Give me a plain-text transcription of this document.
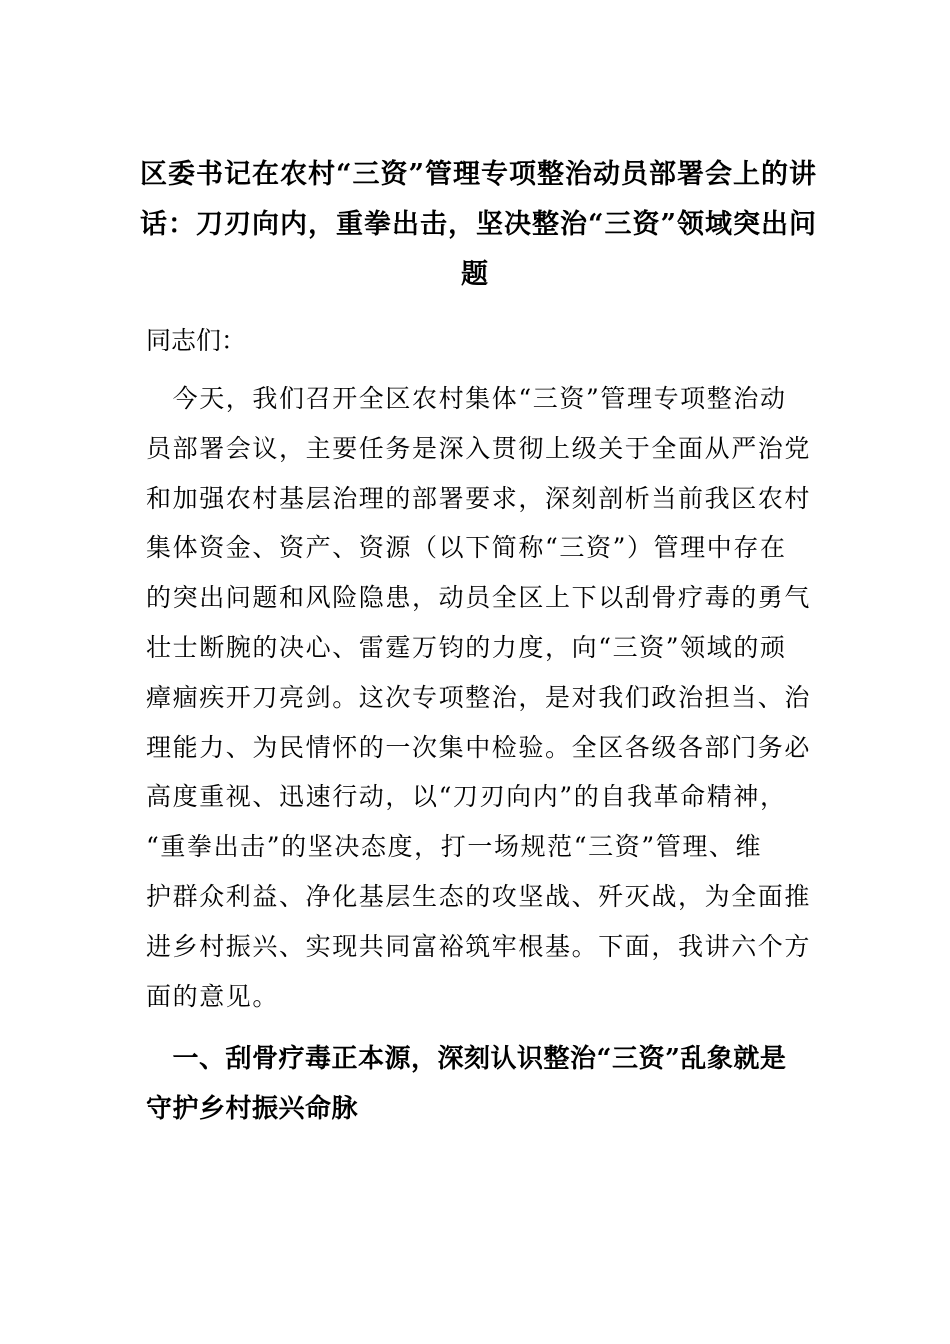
区委书记在农村“三资”管理专项整治动员部署会上的讲
话：刀刃向内，重拳出击，坚决整治“三资”领域突出问
题
同志们：
　今天，我们召开全区农村集体“三资”管理专项整治动
员部署会议，主要任务是深入贯彻上级关于全面从严治党
和加强农村基层治理的部署要求，深刻剖析当前我区农村
集体资金、资产、资源（以下简称“三资”）管理中存在
的突出问题和风险隐患，动员全区上下以刮骨疗毒的勇气
壮士断腕的决心、雷霆万钧的力度，向“三资”领域的顽
瘴痼疾开刀亮剑。这次专项整治，是对我们政治担当、治
理能力、为民情怀的一次集中检验。全区各级各部门务必
高度重视、迅速行动，以“刀刃向内”的自我革命精神，
“重拳出击”的坚决态度，打一场规范“三资”管理、维
护群众利益、净化基层生态的攻坚战、歼灭战，为全面推
进乡村振兴、实现共同富裕筑牢根基。下面，我讲六个方
面的意见。
　一、刮骨疗毒正本源，深刻认识整治“三资”乱象就是
守护乡村振兴命脉
